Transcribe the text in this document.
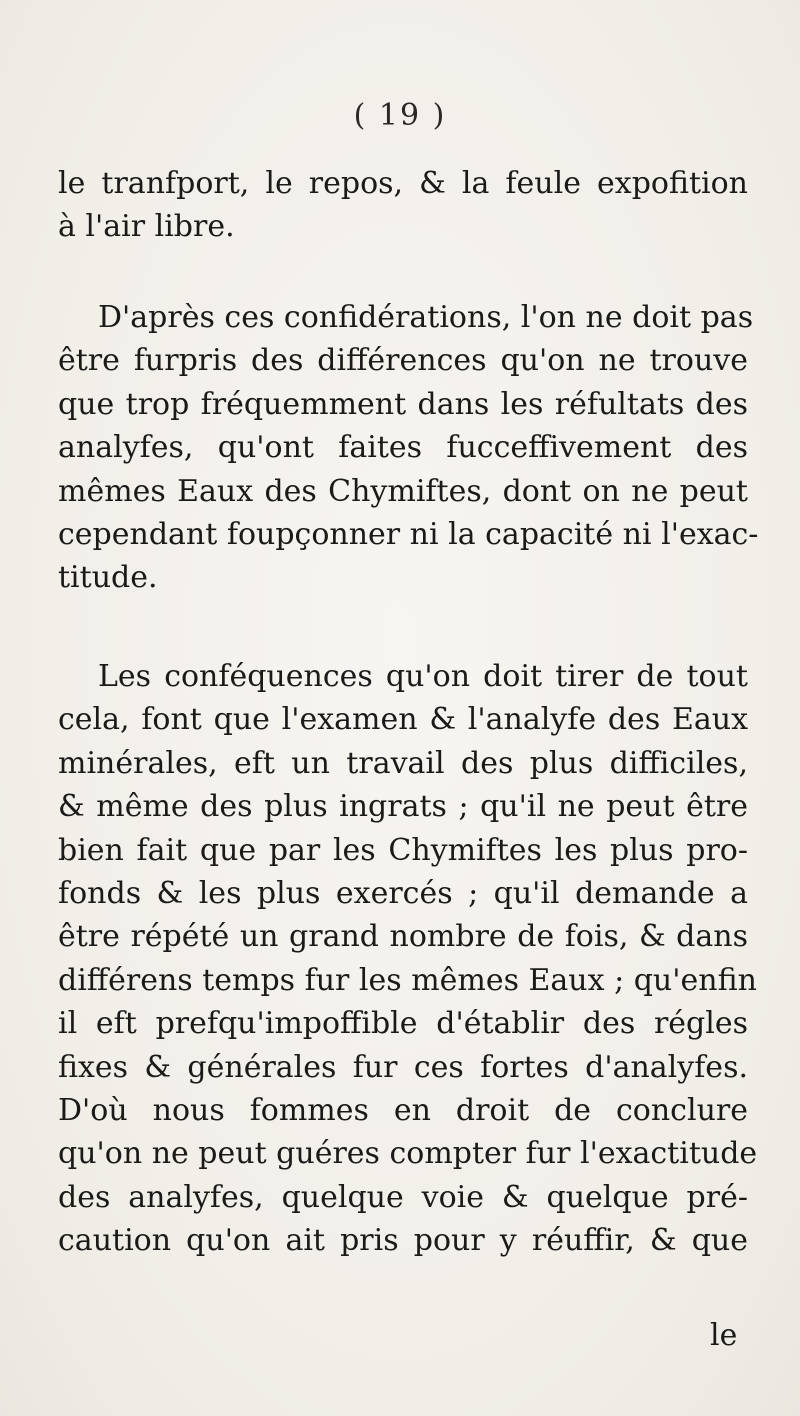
( 19 )
le tranfport, le repos, & la feule expofition
à l'air libre.
D'après ces confidérations, l'on ne doit pas
être furpris des différences qu'on ne trouve
que trop fréquemment dans les réfultats des
analyfes, qu'ont faites fucceffivement des
mêmes Eaux des Chymiftes, dont on ne peut
cependant foupçonner ni la capacité ni l'exac-
titude.
Les conféquences qu'on doit tirer de tout
cela, font que l'examen & l'analyfe des Eaux
minérales, eft un travail des plus difficiles,
& même des plus ingrats ; qu'il ne peut être
bien fait que par les Chymiftes les plus pro-
fonds & les plus exercés ; qu'il demande a
être répété un grand nombre de fois, & dans
différens temps fur les mêmes Eaux ; qu'enfin
il eft prefqu'impoffible d'établir des régles
fixes & générales fur ces fortes d'analyfes.
D'où nous fommes en droit de conclure
qu'on ne peut guéres compter fur l'exactitude
des analyfes, quelque voie & quelque pré-
caution qu'on ait pris pour y réuffir, & que
le
